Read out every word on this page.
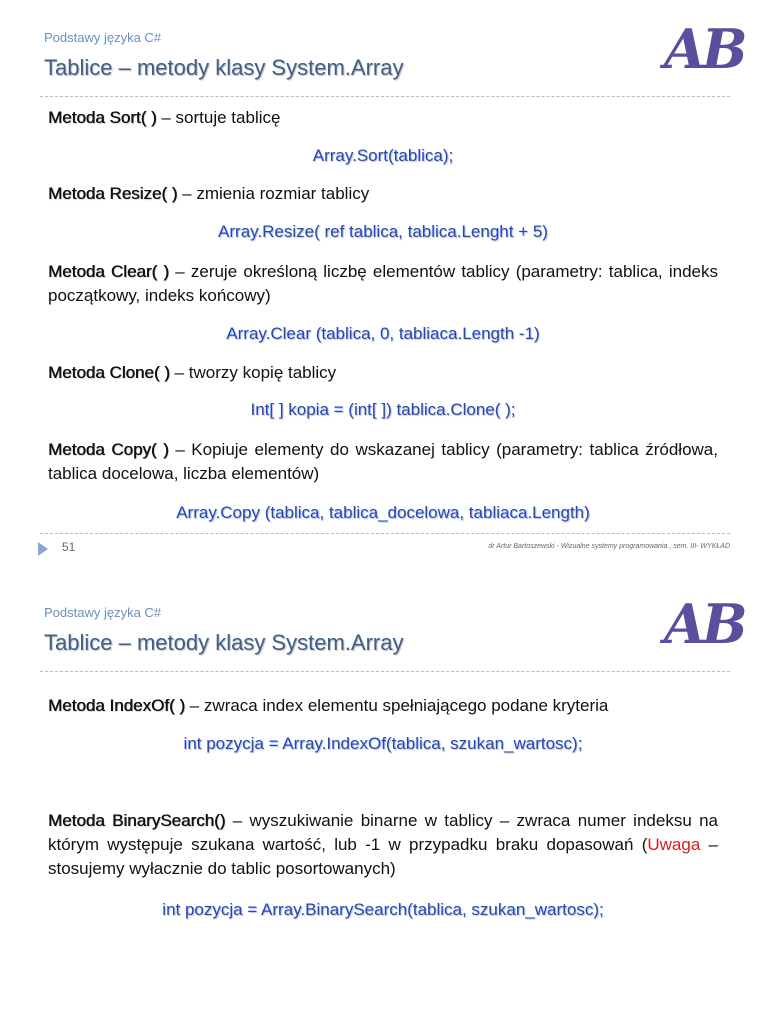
Podstawy języka C#
Tablice – metody klasy System.Array	AB
Metoda Sort( ) – sortuje tablicę
Array.Sort(tablica);
Metoda Resize( ) – zmienia rozmiar tablicy
Array.Resize( ref tablica, tablica.Lenght + 5)
Metoda Clear( ) – zeruje określoną liczbę elementów tablicy (parametry: tablica, indeks początkowy, indeks końcowy)
Array.Clear (tablica, 0, tabliaca.Length -1)
Metoda Clone( ) – tworzy kopię tablicy
Int[ ] kopia = (int[ ]) tablica.Clone( );
Metoda Copy( ) – Kopiuje elementy do wskazanej tablicy (parametry: tablica źródłowa, tablica docelowa, liczba elementów)
Array.Copy (tablica, tablica_docelowa, tabliaca.Length)
51	dr Artur Bartoszewski - Wizualne systemy programowania , sem. III- WYKŁAD
Podstawy języka C#
Tablice – metody klasy System.Array	AB
Metoda IndexOf( ) – zwraca index elementu spełniającego podane kryteria
int pozycja = Array.IndexOf(tablica, szukan_wartosc);
Metoda BinarySearch() – wyszukiwanie binarne w tablicy – zwraca numer indeksu na którym występuje szukana wartość, lub -1 w przypadku braku dopasowań (Uwaga – stosujemy wyłacznie do tablic posortowanych)
int pozycja = Array.BinarySearch(tablica, szukan_wartosc);
